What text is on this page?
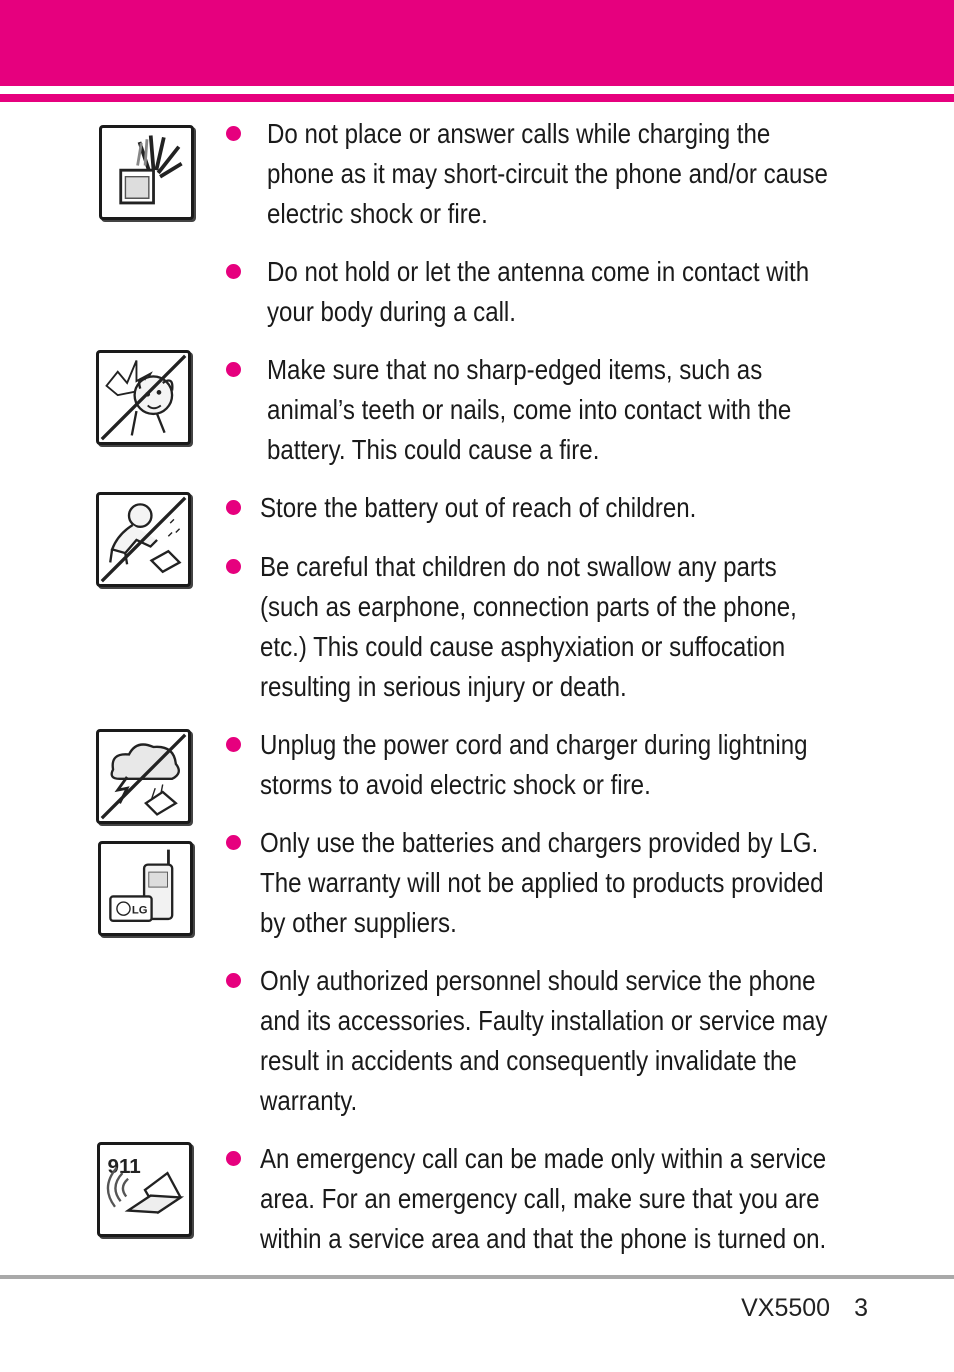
LG
911
Do not place or answer calls while charging the phone as it may short-circuit the phone and/or cause electric shock or fire.
Do not hold or let the antenna come in contact with your body during a call.
Make sure that no sharp-edged items, such as animal’s teeth or nails, come into contact with the battery. This could cause a fire.
Store the battery out of reach of children.
Be careful that children do not swallow any parts (such as earphone, connection parts of the phone, etc.) This could cause asphyxiation or suffocation resulting in serious injury or death.
Unplug the power cord and charger during lightning storms to avoid electric shock or fire.
Only use the batteries and chargers provided by LG. The warranty will not be applied to products provided by other suppliers.
Only authorized personnel should service the phone and its accessories. Faulty installation or service may result in accidents and consequently invalidate the warranty.
An emergency call can be made only within a service area. For an emergency call, make sure that you are within a service area and that the phone is turned on.
VX5500 3
